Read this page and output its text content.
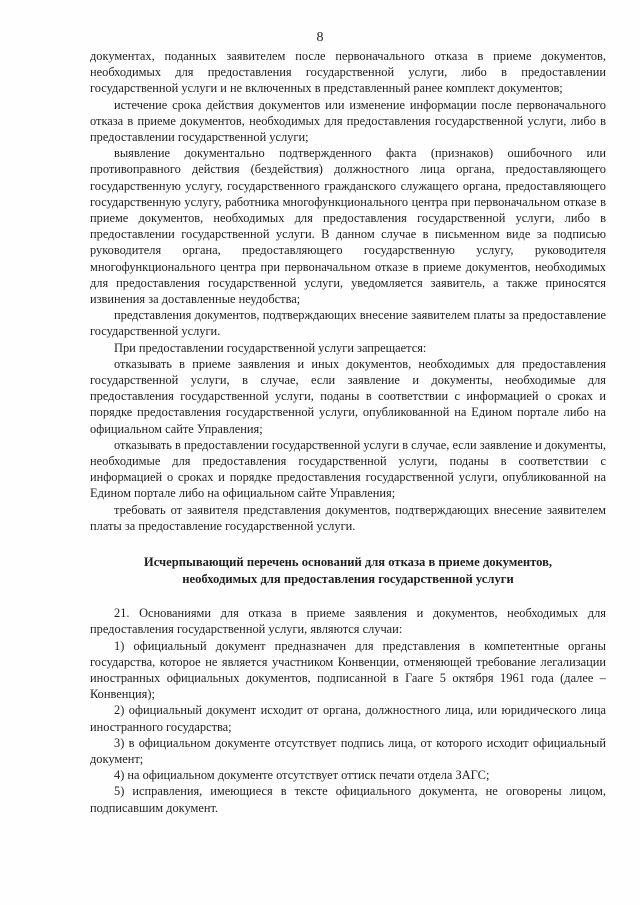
8

документах, поданных заявителем после первоначального отказа в приеме документов, необходимых для предоставления государственной услуги, либо в предоставлении государственной услуги и не включенных в представленный ранее комплект документов;

истечение срока действия документов или изменение информации после первоначального отказа в приеме документов, необходимых для предоставления государственной услуги, либо в предоставлении государственной услуги;

выявление документально подтвержденного факта (признаков) ошибочного или противоправного действия (бездействия) должностного лица органа, предоставляющего государственную услугу, государственного гражданского служащего органа, предоставляющего государственную услугу, работника многофункционального центра при первоначальном отказе в приеме документов, необходимых для предоставления государственной услуги, либо в предоставлении государственной услуги. В данном случае в письменном виде за подписью руководителя органа, предоставляющего государственную услугу, руководителя многофункционального центра при первоначальном отказе в приеме документов, необходимых для предоставления государственной услуги, уведомляется заявитель, а также приносятся извинения за доставленные неудобства;

представления документов, подтверждающих внесение заявителем платы за предоставление государственной услуги.

При предоставлении государственной услуги запрещается:

отказывать в приеме заявления и иных документов, необходимых для предоставления государственной услуги, в случае, если заявление и документы, необходимые для предоставления государственной услуги, поданы в соответствии с информацией о сроках и порядке предоставления государственной услуги, опубликованной на Едином портале либо на официальном сайте Управления;

отказывать в предоставлении государственной услуги в случае, если заявление и документы, необходимые для предоставления государственной услуги, поданы в соответствии с информацией о сроках и порядке предоставления государственной услуги, опубликованной на Едином портале либо на официальном сайте Управления;

требовать от заявителя представления документов, подтверждающих внесение заявителем платы за предоставление государственной услуги.

Исчерпывающий перечень оснований для отказа в приеме документов,
необходимых для предоставления государственной услуги

21. Основаниями для отказа в приеме заявления и документов, необходимых для предоставления государственной услуги, являются случаи:

1) официальный документ предназначен для представления в компетентные органы государства, которое не является участником Конвенции, отменяющей требование легализации иностранных официальных документов, подписанной в Гааге 5 октября 1961 года (далее – Конвенция);

2) официальный документ исходит от органа, должностного лица, или юридического лица иностранного государства;

3) в официальном документе отсутствует подпись лица, от которого исходит официальный документ;

4) на официальном документе отсутствует оттиск печати отдела ЗАГС;

5) исправления, имеющиеся в тексте официального документа, не оговорены лицом, подписавшим документ.
